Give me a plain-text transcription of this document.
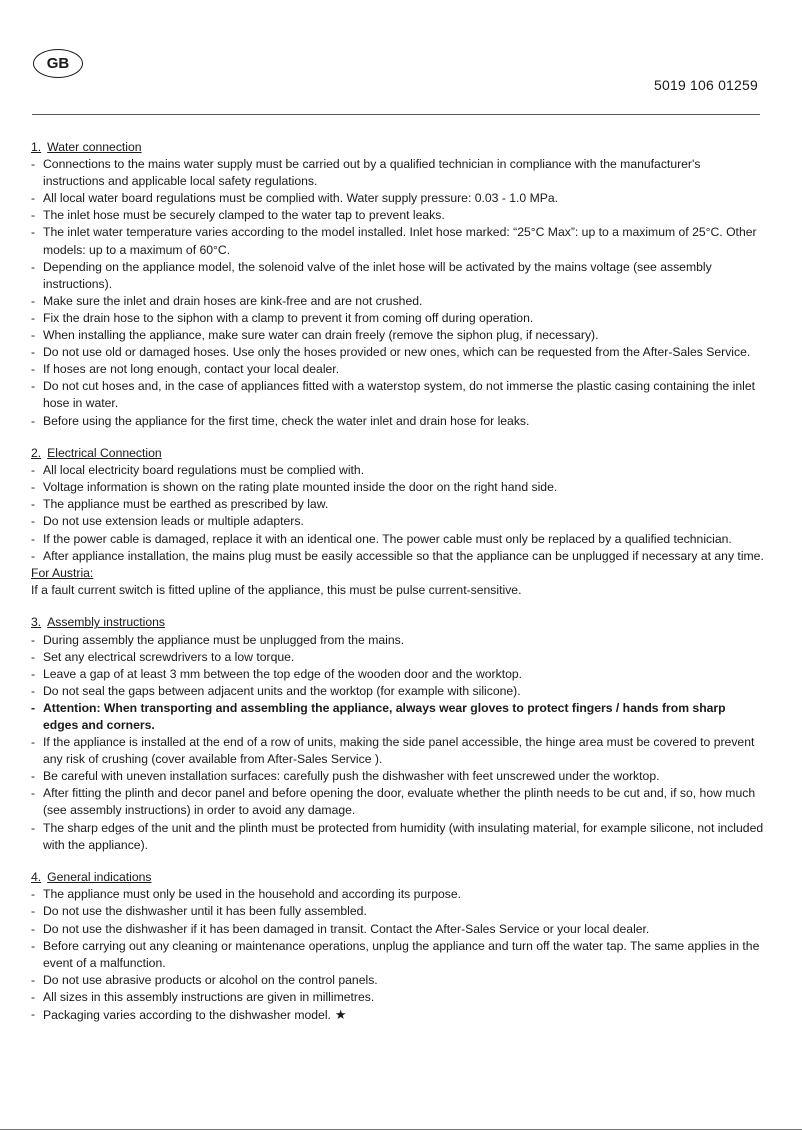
GB
5019 106 01259
1. Water connection
- Connections to the mains water supply must be carried out by a qualified technician in compliance with the manufacturer's instructions and applicable local safety regulations.
- All local water board regulations must be complied with. Water supply pressure: 0.03 - 1.0 MPa.
- The inlet hose must be securely clamped to the water tap to prevent leaks.
- The inlet water temperature varies according to the model installed. Inlet hose marked: “25°C Max”: up to a maximum of 25°C. Other models: up to a maximum of 60°C.
- Depending on the appliance model, the solenoid valve of the inlet hose will be activated by the mains voltage (see assembly instructions).
- Make sure the inlet and drain hoses are kink-free and are not crushed.
- Fix the drain hose to the siphon with a clamp to prevent it from coming off during operation.
- When installing the appliance, make sure water can drain freely (remove the siphon plug, if necessary).
- Do not use old or damaged hoses. Use only the hoses provided or new ones, which can be requested from the After-Sales Service.
- If hoses are not long enough, contact your local dealer.
- Do not cut hoses and, in the case of appliances fitted with a waterstop system, do not immerse the plastic casing containing the inlet hose in water.
- Before using the appliance for the first time, check the water inlet and drain hose for leaks.
2. Electrical Connection
- All local electricity board regulations must be complied with.
- Voltage information is shown on the rating plate mounted inside the door on the right hand side.
- The appliance must be earthed as prescribed by law.
- Do not use extension leads or multiple adapters.
- If the power cable is damaged, replace it with an identical one. The power cable must only be replaced by a qualified technician.
- After appliance installation, the mains plug must be easily accessible so that the appliance can be unplugged if necessary at any time.
For Austria:
If a fault current switch is fitted upline of the appliance, this must be pulse current-sensitive.
3. Assembly instructions
- During assembly the appliance must be unplugged from the mains.
- Set any electrical screwdrivers to a low torque.
- Leave a gap of at least 3 mm between the top edge of the wooden door and the worktop.
- Do not seal the gaps between adjacent units and the worktop (for example with silicone).
- Attention: When transporting and assembling the appliance, always wear gloves to protect fingers / hands from sharp edges and corners.
- If the appliance is installed at the end of a row of units, making the side panel accessible, the hinge area must be covered to prevent any risk of crushing (cover available from After-Sales Service ).
- Be careful with uneven installation surfaces: carefully push the dishwasher with feet unscrewed under the worktop.
- After fitting the plinth and decor panel and before opening the door, evaluate whether the plinth needs to be cut and, if so, how much (see assembly instructions) in order to avoid any damage.
- The sharp edges of the unit and the plinth must be protected from humidity (with insulating material, for example silicone, not included with the appliance).
4. General indications
- The appliance must only be used in the household and according its purpose.
- Do not use the dishwasher until it has been fully assembled.
- Do not use the dishwasher if it has been damaged in transit. Contact the After-Sales Service or your local dealer.
- Before carrying out any cleaning or maintenance operations, unplug the appliance and turn off the water tap. The same applies in the event of a malfunction.
- Do not use abrasive products or alcohol on the control panels.
- All sizes in this assembly instructions are given in millimetres.
- Packaging varies according to the dishwasher model. ★
